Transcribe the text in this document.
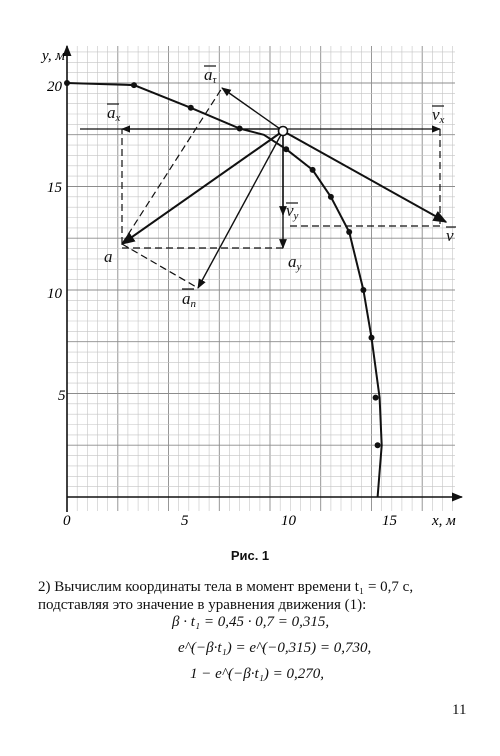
y, м
x, м
0	5	10	15
20
15
10
5
aτ
ax	vx
vy
a	ay
v
an
Рис. 1
2) Вычислим координаты тела в момент времени t₁ = 0,7 с,
подставляя это значение в уравнения движения (1):
β · t₁ = 0,45 · 0,7 = 0,315,
e^(−β·t₁) = e^(−0,315) = 0,730,
1 − e^(−β·t₁) = 0,270,
11
